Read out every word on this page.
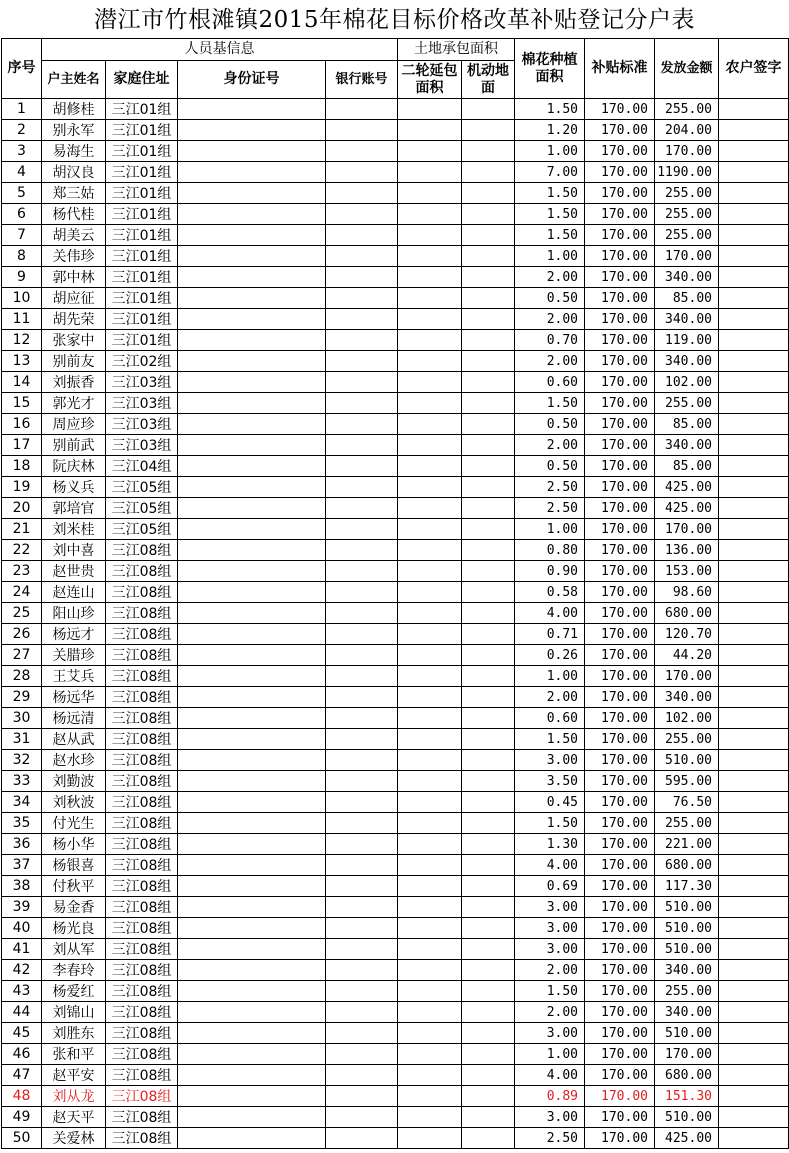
潜江市竹根滩镇2015年棉花目标价格改革补贴登记分户表
序号	人员基信息				土地承包面积		棉花种植面积	补贴标准	发放金额	农户签字
	户主姓名	家庭住址	身份证号	银行账号	二轮延包面积	机动地面				

1	胡修桂	三江01组					1.50	170.00	255.00	
2	别永军	三江01组					1.20	170.00	204.00	
3	易海生	三江01组					1.00	170.00	170.00	
4	胡汉良	三江01组					7.00	170.00	1190.00	
5	郑三姑	三江01组					1.50	170.00	255.00	
6	杨代桂	三江01组					1.50	170.00	255.00	
7	胡美云	三江01组					1.50	170.00	255.00	
8	关伟珍	三江01组					1.00	170.00	170.00	
9	郭中林	三江01组					2.00	170.00	340.00	
10	胡应征	三江01组					0.50	170.00	85.00	
11	胡先荣	三江01组					2.00	170.00	340.00	
12	张家中	三江01组					0.70	170.00	119.00	
13	别前友	三江02组					2.00	170.00	340.00	
14	刘振香	三江03组					0.60	170.00	102.00	
15	郭光才	三江03组					1.50	170.00	255.00	
16	周应珍	三江03组					0.50	170.00	85.00	
17	别前武	三江03组					2.00	170.00	340.00	
18	阮庆林	三江04组					0.50	170.00	85.00	
19	杨义兵	三江05组					2.50	170.00	425.00	
20	郭培官	三江05组					2.50	170.00	425.00	
21	刘米桂	三江05组					1.00	170.00	170.00	
22	刘中喜	三江08组					0.80	170.00	136.00	
23	赵世贵	三江08组					0.90	170.00	153.00	
24	赵连山	三江08组					0.58	170.00	98.60	
25	阳山珍	三江08组					4.00	170.00	680.00	
26	杨远才	三江08组					0.71	170.00	120.70	
27	关腊珍	三江08组					0.26	170.00	44.20	
28	王艾兵	三江08组					1.00	170.00	170.00	
29	杨远华	三江08组					2.00	170.00	340.00	
30	杨远清	三江08组					0.60	170.00	102.00	
31	赵从武	三江08组					1.50	170.00	255.00	
32	赵水珍	三江08组					3.00	170.00	510.00	
33	刘勤波	三江08组					3.50	170.00	595.00	
34	刘秋波	三江08组					0.45	170.00	76.50	
35	付光生	三江08组					1.50	170.00	255.00	
36	杨小华	三江08组					1.30	170.00	221.00	
37	杨银喜	三江08组					4.00	170.00	680.00	
38	付秋平	三江08组					0.69	170.00	117.30	
39	易金香	三江08组					3.00	170.00	510.00	
40	杨光良	三江08组					3.00	170.00	510.00	
41	刘从军	三江08组					3.00	170.00	510.00	
42	李春玲	三江08组					2.00	170.00	340.00	
43	杨爱红	三江08组					1.50	170.00	255.00	
44	刘锦山	三江08组					2.00	170.00	340.00	
45	刘胜东	三江08组					3.00	170.00	510.00	
46	张和平	三江08组					1.00	170.00	170.00	
47	赵平安	三江08组					4.00	170.00	680.00	
48	刘从龙	三江08组					0.89	170.00	151.30	
49	赵天平	三江08组					3.00	170.00	510.00	
50	关爱林	三江08组					2.50	170.00	425.00	
